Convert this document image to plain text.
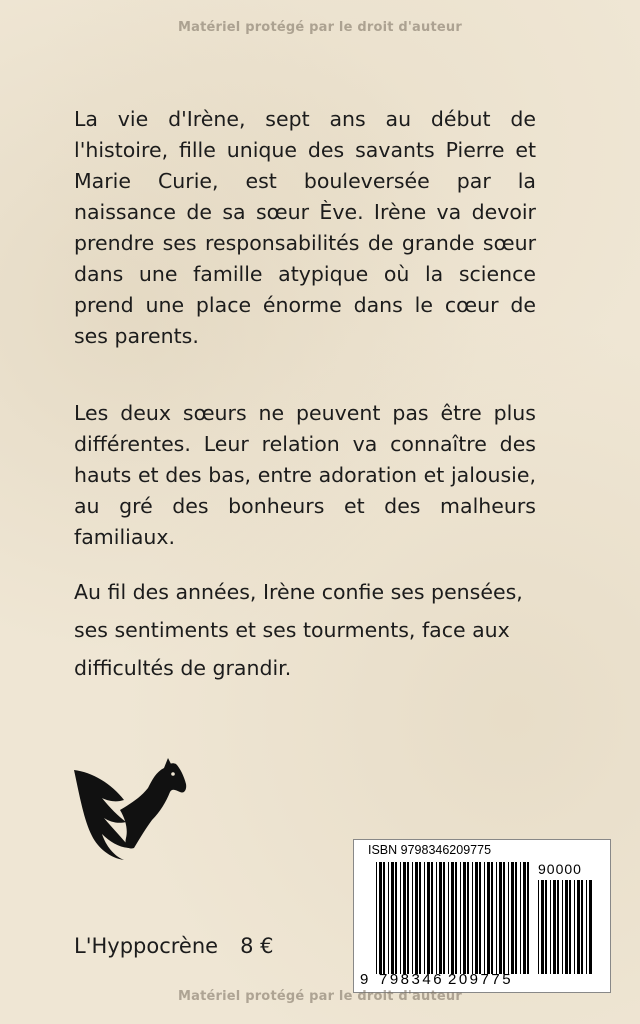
Matériel protégé par le droit d'auteur

La vie d'Irène, sept ans au début de l'histoire, fille unique des savants Pierre et Marie Curie, est bouleversée par la naissance de sa sœur Ève. Irène va devoir prendre ses responsabilités de grande sœur dans une famille atypique où la science prend une place énorme dans le cœur de ses parents.

Les deux sœurs ne peuvent pas être plus différentes. Leur relation va connaître des hauts et des bas, entre adoration et jalousie, au gré des bonheurs et des malheurs familiaux.

Au fil des années, Irène confie ses pensées, ses sentiments et ses tourments, face aux difficultés de grandir.

L'Hyppocrène 8 €
ISBN 9798346209775
90000
9 798346 209775
Matériel protégé par le droit d'auteur
